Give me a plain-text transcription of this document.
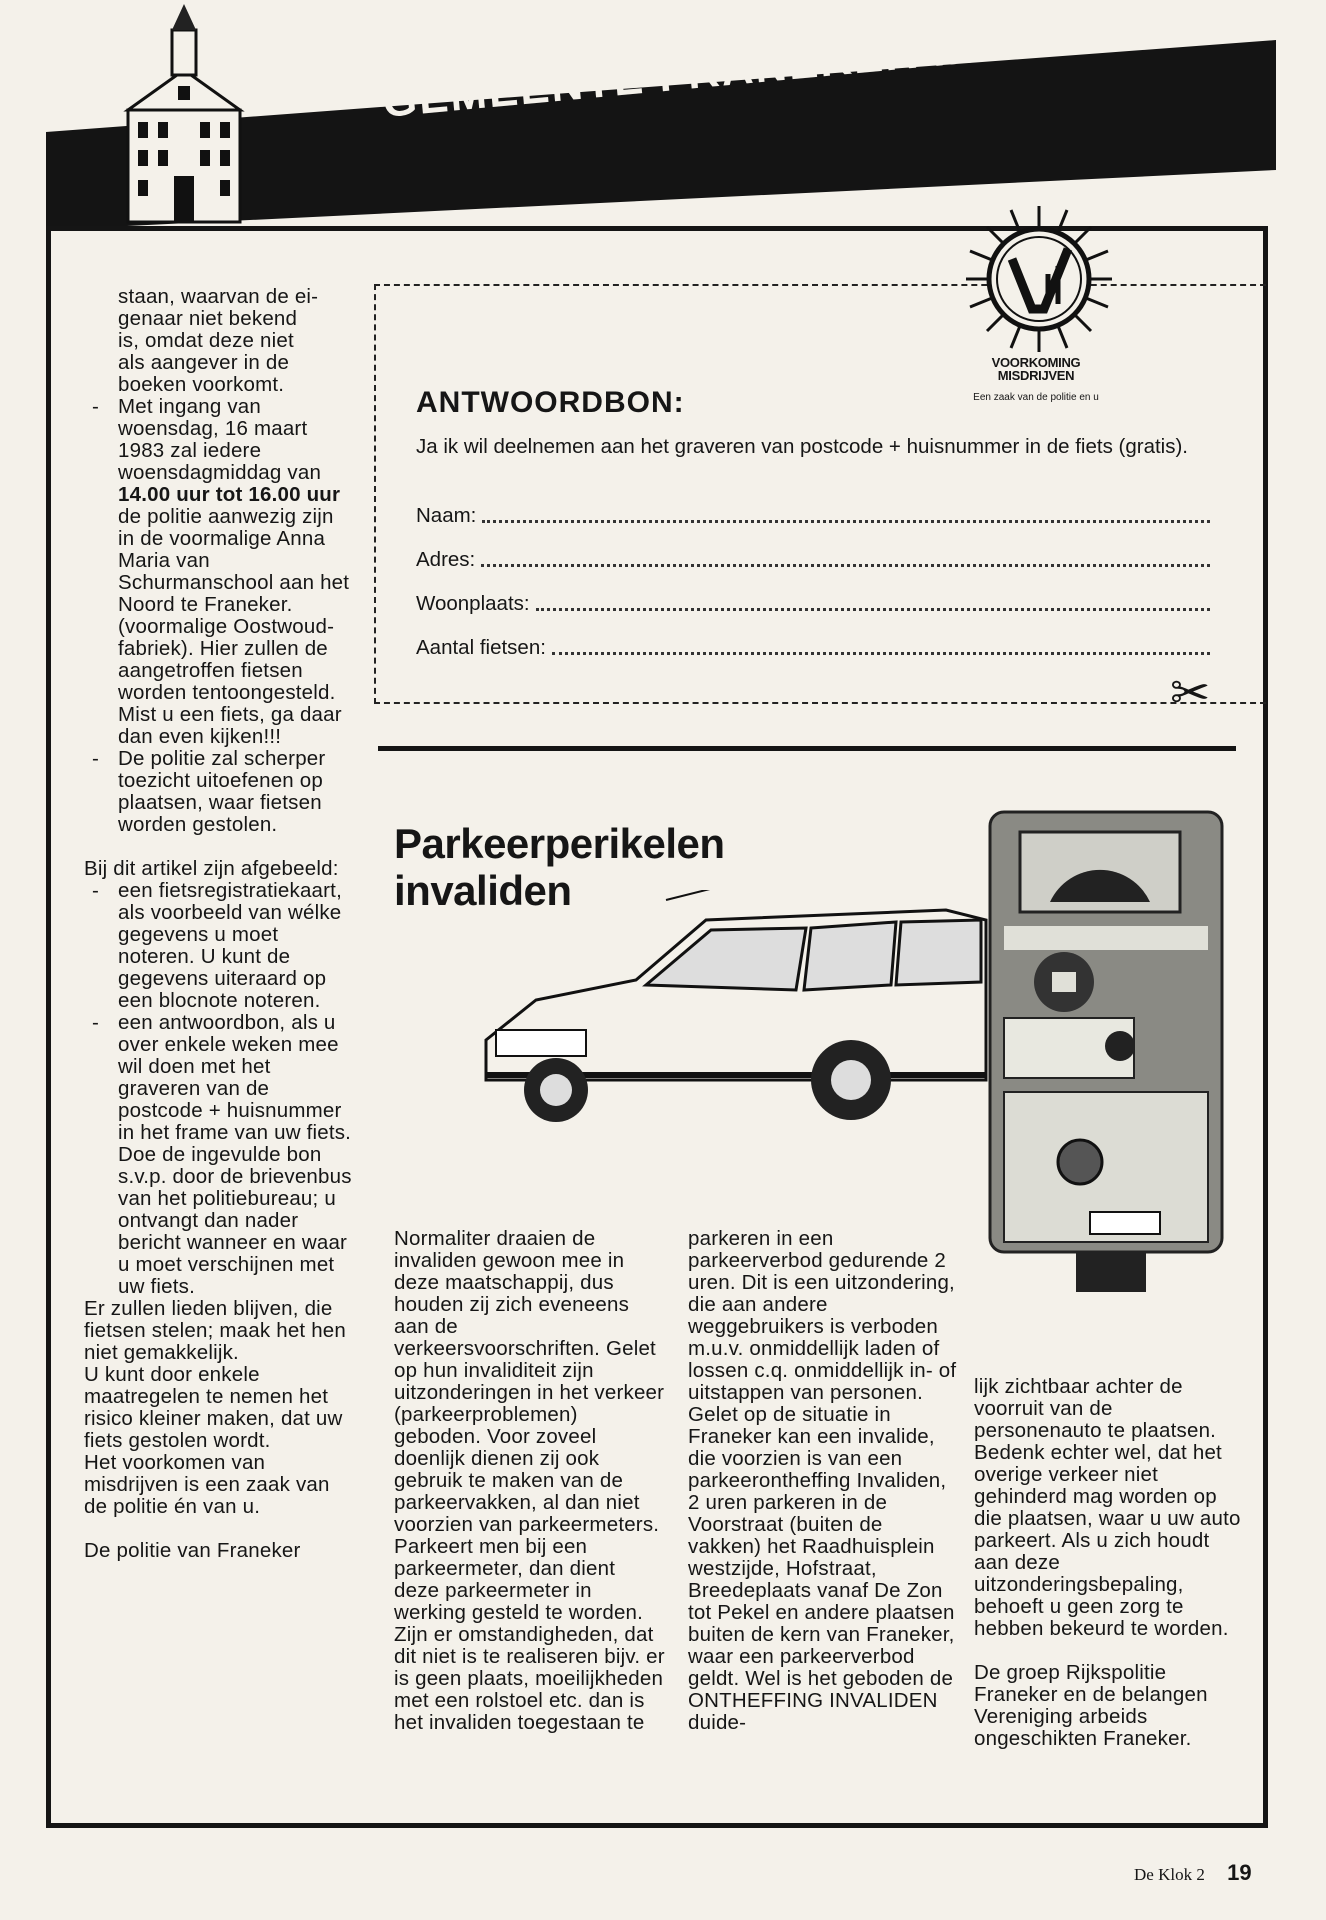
GEMEENTE FRANEKER INFORMATIE

staan, waarvan de ei-

genaar niet bekend

is, omdat deze niet

als aangever in de

boeken voorkomt.

- Met ingang van woensdag, 16 maart 1983 zal iedere woensdagmiddag van 14.00 uur tot 16.00 uur de politie aanwezig zijn in de voormalige Anna Maria van Schurmanschool aan het Noord te Franeker. (voormalige Oostwoud-fabriek). Hier zullen de aangetroffen fietsen worden tentoongesteld. Mist u een fiets, ga daar dan even kijken!!!

- De politie zal scherper toezicht uitoefenen op plaatsen, waar fietsen worden gestolen.

Bij dit artikel zijn afgebeeld:

- een fietsregistratiekaart, als voorbeeld van wélke gegevens u moet noteren. U kunt de gegevens uiteraard op een blocnote noteren.

- een antwoordbon, als u over enkele weken mee wil doen met het graveren van de postcode + huisnummer in het frame van uw fiets. Doe de ingevulde bon s.v.p. door de brievenbus van het politiebureau; u ontvangt dan nader bericht wanneer en waar u moet verschijnen met uw fiets.

Er zullen lieden blijven, die fietsen stelen; maak het hen niet gemakkelijk.

U kunt door enkele maatregelen te nemen het risico kleiner maken, dat uw fiets gestolen wordt.

Het voorkomen van misdrijven is een zaak van de politie én van u.

De politie van Franeker

VOORKOMING
MISDRIJVEN
Een zaak van de politie en u
ANTWOORDBON:
Ja ik wil deelnemen aan het graveren van postcode + huisnummer in de fiets (gratis).
Naam:
Adres:
Woonplaats:
Aantal fietsen:
✂
Parkeerperikelen
invaliden
Normaliter draaien de invaliden gewoon mee in deze maatschappij, dus houden zij zich eveneens aan de verkeersvoorschriften. Gelet op hun invaliditeit zijn uitzonderingen in het verkeer (parkeerproblemen) geboden. Voor zoveel doenlijk dienen zij ook gebruik te maken van de parkeervakken, al dan niet voorzien van parkeermeters. Parkeert men bij een parkeermeter, dan dient deze parkeermeter in werking gesteld te worden. Zijn er omstandigheden, dat dit niet is te realiseren bijv. er is geen plaats, moeilijkheden met een rolstoel etc. dan is het invaliden toegestaan te
parkeren in een parkeerverbod gedurende 2 uren. Dit is een uitzondering, die aan andere weggebruikers is verboden m.u.v. onmiddellijk laden of lossen c.q. onmiddellijk in- of uitstappen van personen. Gelet op de situatie in Franeker kan een invalide, die voorzien is van een parkeerontheffing Invaliden, 2 uren parkeren in de Voorstraat (buiten de vakken) het Raadhuisplein westzijde, Hofstraat, Breedeplaats vanaf De Zon tot Pekel en andere plaatsen buiten de kern van Franeker, waar een parkeerverbod geldt. Wel is het geboden de ONTHEFFING INVALIDEN duide-

lijk zichtbaar achter de voorruit van de personenauto te plaatsen. Bedenk echter wel, dat het overige verkeer niet gehinderd mag worden op die plaatsen, waar u uw auto parkeert. Als u zich houdt aan deze uitzonderingsbepaling, behoeft u geen zorg te hebben bekeurd te worden.

De groep Rijkspolitie Franeker en de belangen Vereniging arbeids ongeschikten Franeker.

De Klok 2 19
